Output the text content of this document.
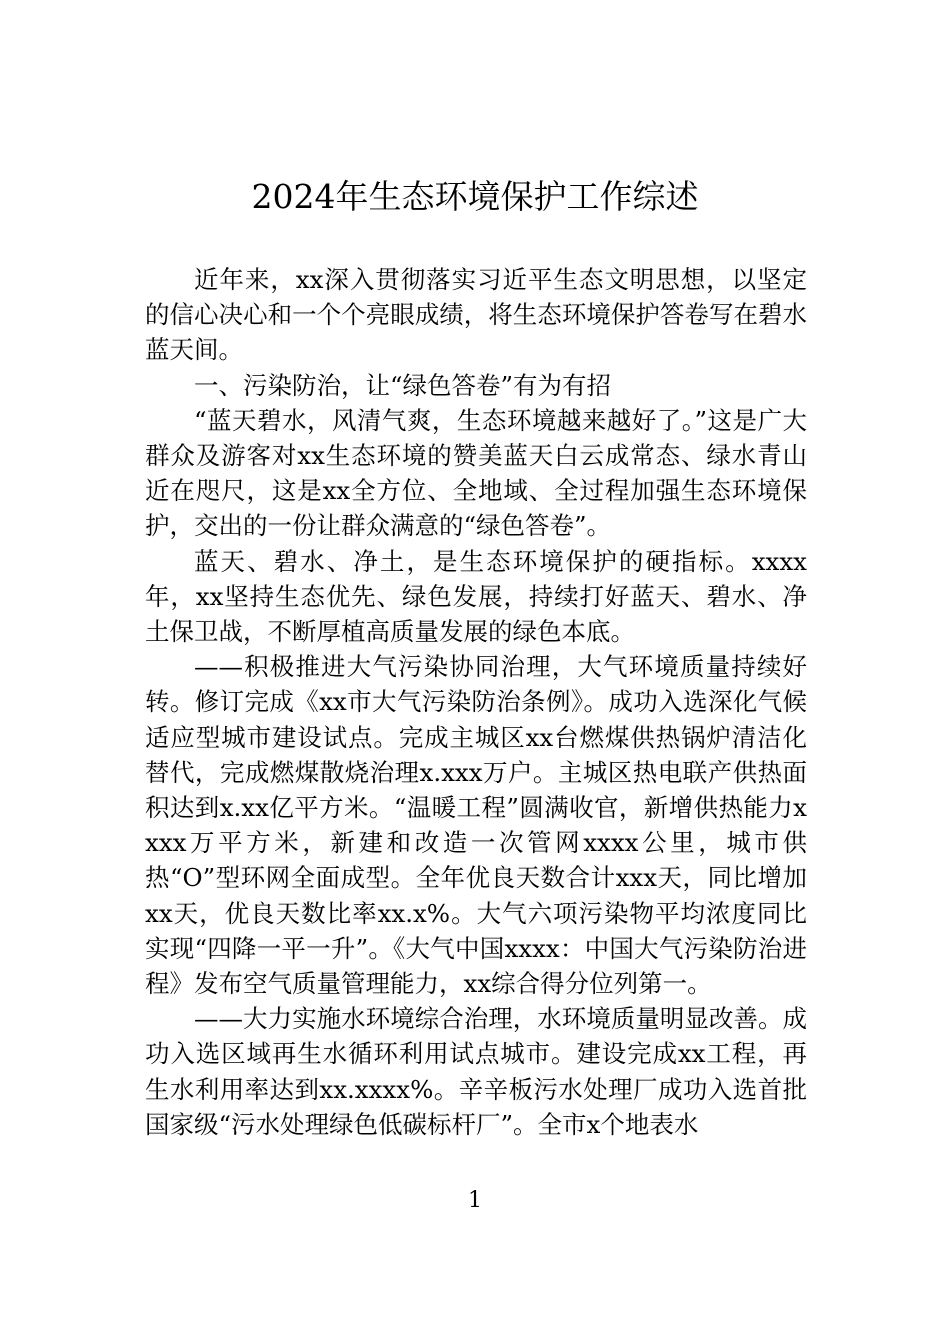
2024年生态环境保护工作综述

近年来，xx深入贯彻落实习近平生态文明思想，以坚定的信心决心和一个个亮眼成绩，将生态环境保护答卷写在碧水蓝天间。

一、污染防治，让“绿色答卷”有为有招

“蓝天碧水，风清气爽，生态环境越来越好了。”这是广大群众及游客对xx生态环境的赞美蓝天白云成常态、绿水青山近在咫尺，这是xx全方位、全地域、全过程加强生态环境保护，交出的一份让群众满意的“绿色答卷”。

蓝天、碧水、净土，是生态环境保护的硬指标。xxxx年，xx坚持生态优先、绿色发展，持续打好蓝天、碧水、净土保卫战，不断厚植高质量发展的绿色本底。

——积极推进大气污染协同治理，大气环境质量持续好转。修订完成《xx市大气污染防治条例》。成功入选深化气候适应型城市建设试点。完成主城区xx台燃煤供热锅炉清洁化替代，完成燃煤散烧治理x.xxx万户。主城区热电联产供热面积达到x.xx亿平方米。“温暖工程”圆满收官，新增供热能力xxxx万平方米，新建和改造一次管网xxxx公里，城市供热“O”型环网全面成型。全年优良天数合计xxx天，同比增加xx天，优良天数比率xx.x%。大气六项污染物平均浓度同比实现“四降一平一升”。《大气中国xxxx：中国大气污染防治进程》发布空气质量管理能力，xx综合得分位列第一。

——大力实施水环境综合治理，水环境质量明显改善。成功入选区域再生水循环利用试点城市。建设完成xx工程，再生水利用率达到xx.xxxx%。辛辛板污水处理厂成功入选首批国家级“污水处理绿色低碳标杆厂”。全市x个地表水

1
